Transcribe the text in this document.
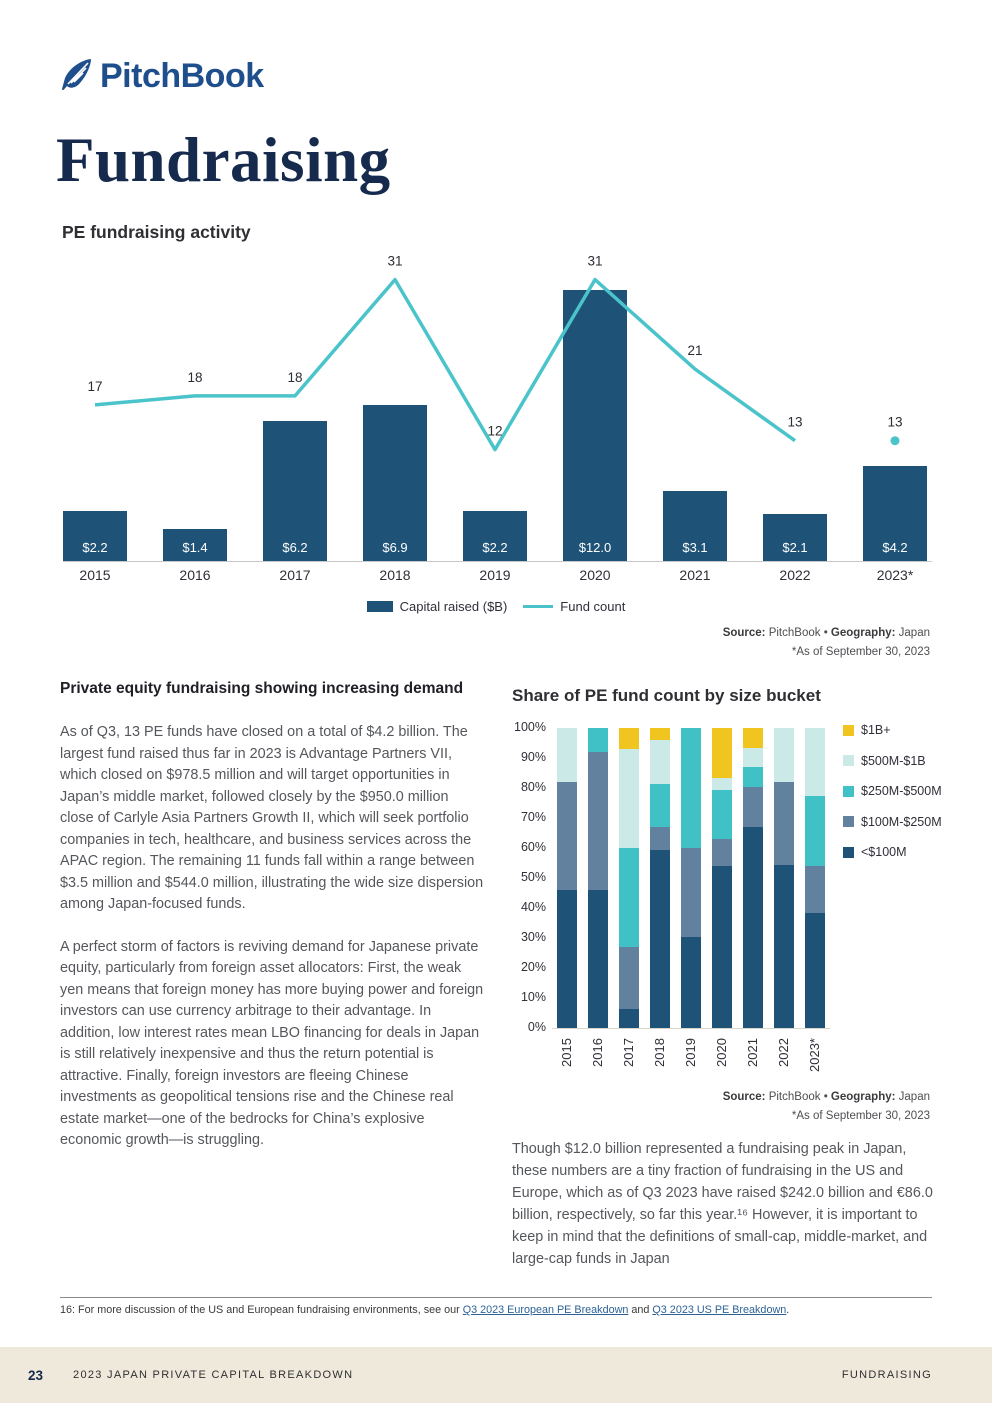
PitchBook
Fundraising
PE fundraising activity
$2.2
2015
$1.4
2016
$6.2
2017
$6.9
2018
$2.2
2019
$12.0
2020
$3.1
2021
$2.1
2022
$4.2
2023*
17
18	18
31
12
31
21
13	13
Capital raised ($B)	Fund count
Source: PitchBook • Geography: Japan
*As of September 30, 2023
Private equity fundraising showing increasing demand

As of Q3, 13 PE funds have closed on a total of $4.2 billion. The largest fund raised thus far in 2023 is Advantage Partners VII, which closed on $978.5 million and will target opportunities in Japan’s middle market, followed closely by the $950.0 million close of Carlyle Asia Partners Growth II, which will seek portfolio companies in tech, healthcare, and business services across the APAC region. The remaining 11 funds fall within a range between $3.5 million and $544.0 million, illustrating the wide size dispersion among Japan-focused funds.

A perfect storm of factors is reviving demand for Japanese private equity, particularly from foreign asset allocators: First, the weak yen means that foreign money has more buying power and foreign investors can use currency arbitrage to their advantage. In addition, low interest rates mean LBO financing for deals in Japan is still relatively inexpensive and thus the return potential is attractive. Finally, foreign investors are fleeing Chinese investments as geopolitical tensions rise and the Chinese real estate market—one of the bedrocks for China’s explosive economic growth—is struggling.

Share of PE fund count by size bucket
$1B+
$500M-$1B
$250M-$500M
$100M-$250M
<$100M
0%
10%
20%
30%
40%
50%
60%
70%
80%
90%
100%
2015 2016 2017 2018 2019 2020 2021 2022 2023*
Source: PitchBook • Geography: Japan
*As of September 30, 2023

Though $12.0 billion represented a fundraising peak in Japan, these numbers are a tiny fraction of fundraising in the US and Europe, which as of Q3 2023 have raised $242.0 billion and €86.0 billion, respectively, so far this year.¹⁶ However, it is important to keep in mind that the definitions of small-cap, middle-market, and large-cap funds in Japan

16: For more discussion of the US and European fundraising environments, see our Q3 2023 European PE Breakdown and Q3 2023 US PE Breakdown.
23	2023 JAPAN PRIVATE CAPITAL BREAKDOWN	FUNDRAISING
